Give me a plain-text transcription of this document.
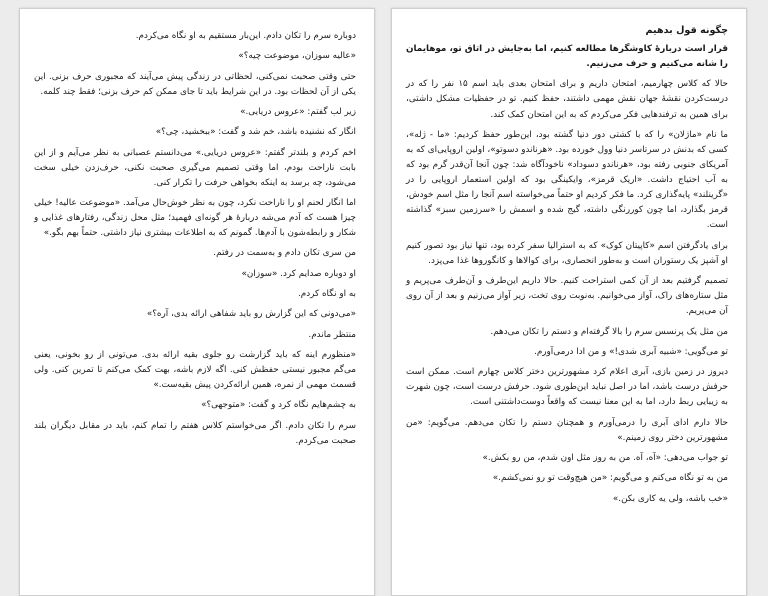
دوباره سرم را تکان دادم. این‌بار مستقیم به او نگاه می‌کردم.

«عالیه سوزان، موضوعت چیه؟»

حتی وقتی صحبت نمی‌کنی، لحظاتی در زندگی پیش می‌آیند که مجبوری حرف بزنی. این یکی از آن لحظات بود. در این شرایط باید تا جای ممکن کم حرف بزنی؛ فقط چند کلمه.

زیر لب گفتم: «عروس دریایی.»

انگار که نشنیده باشد، خم شد و گفت: «ببخشید، چی؟»

اخم کردم و بلندتر گفتم: «عروس دریایی.» می‌دانستم عصبانی به نظر می‌آیم و از این بابت ناراحت بودم، اما وقتی تصمیم می‌گیری صحبت نکنی، حرف‌زدن خیلی سخت می‌شود، چه برسد به اینکه بخواهی حرفت را تکرار کنی.

اما انگار لحنم او را ناراحت نکرد، چون به نظر خوش‌حال می‌آمد. «موضوعت عالیه! خیلی چیزا هست که آدم می‌شه دربارهٔ هر گونه‌ای فهمید؛ مثل محل زندگی، رفتارهای غذایی و شکار و رابطه‌شون با آدم‌ها. گمونم که به اطلاعات بیشتری نیاز داشتی. حتماً بهم بگو.»

من سری تکان دادم و به‌سمت در رفتم.

او دوباره صدایم کرد. «سوزان»

به او نگاه کردم.

«می‌دونی که این گزارش رو باید شفاهی ارائه بدی، آره؟»

منتظر ماندم.

«منظورم اینه که باید گزارشت رو جلوی بقیه ارائه بدی. می‌تونی از رو بخونی، یعنی می‌گم مجبور نیستی حفظش کنی. اگه لازم باشه، بهت کمک می‌کنم تا تمرین کنی. ولی قسمت مهمی از نمره، همین ارائه‌کردن پیش بقیه‌ست.»

به چشم‌هایم نگاه کرد و گفت: «متوجهی؟»

سرم را تکان دادم. اگر می‌خواستم کلاس هفتم را تمام کنم، باید در مقابل دیگران بلند صحبت می‌کردم.

چگونه قول بدهیم

قرار است درباره‌ٔ کاوشگرها مطالعه کنیم، اما به‌جایش در اتاق تو، موهایمان را شانه می‌کنیم و حرف می‌زنیم.

حالا که کلاس چهارمیم، امتحان داریم و برای امتحان بعدی باید اسم ۱۵ نفر را که در درست‌کردن نقشهٔ جهان نقش مهمی داشتند، حفظ کنیم. تو در حفظیات مشکل داشتی، برای همین به ترفندهایی فکر می‌کردم که به این امتحان کمک کند.

ما نام «ماژلان» را که با کشتی دور دنیا گشته بود، این‌طور حفظ کردیم: «ما - ژله»، کسی که بدنش در سرتاسر دنیا وول خورده بود. «هرناندو دسوتو»، اولین اروپایی‌ای که به آمریکای جنوبی رفته بود، «هرناندو دسوداد» ناخودآگاه شد: چون آنجا آن‌قدر گرم بود که به آب احتیاج داشت. «اریک قرمز»، وایکینگی بود که اولین استعمار اروپایی را در «گرینلند» پایه‌گذاری کرد. ما فکر کردیم او حتماً می‌خواسته اسم آنجا را مثل اسم خودش، قرمز بگذارد، اما چون کوررنگی داشته، گیج شده و اسمش را «سرزمین سبز» گذاشته است.

برای یادگرفتن اسم «کاپیتان کوک» که به استرالیا سفر کرده بود، تنها نیاز بود تصور کنیم او آشپز یک رستوران است و به‌طور انحصاری، برای کوالاها و کانگوروها غذا می‌پزد.

تصمیم گرفتیم بعد از آن کمی استراحت کنیم. حالا داریم این‌طرف و آن‌طرف می‌پریم و مثل ستاره‌های راک، آواز می‌خوانیم. به‌نوبت روی تخت، زیر آواز می‌زنیم و بعد از آن روی آن می‌پریم.

من مثل یک پرنسس سرم را بالا گرفته‌ام و دستم را تکان می‌دهم.

تو می‌گویی: «شبیه آبری شدی!» و من ادا درمی‌آورم.

دیروز در زمین بازی، آبری اعلام کرد مشهورترین دختر کلاس چهارم است. ممکن است حرفش درست باشد، اما در اصل نباید این‌طوری شود. حرفش درست است، چون شهرت به زیبایی ربط دارد، اما به این معنا نیست که واقعاً دوست‌داشتنی است.

حالا دارم ادای آبری را درمی‌آورم و همچنان دستم را تکان می‌دهم. می‌گویم: «من مشهورترین دختر روی زمینم.»

تو جواب می‌دهی: «آه، آه. من به روز مثل اون شدم، من رو بکش.»

من به تو نگاه می‌کنم و می‌گویم: «من هیچ‌وقت تو رو نمی‌کشم.»

«خب باشه، ولی یه کاری بکن.»
